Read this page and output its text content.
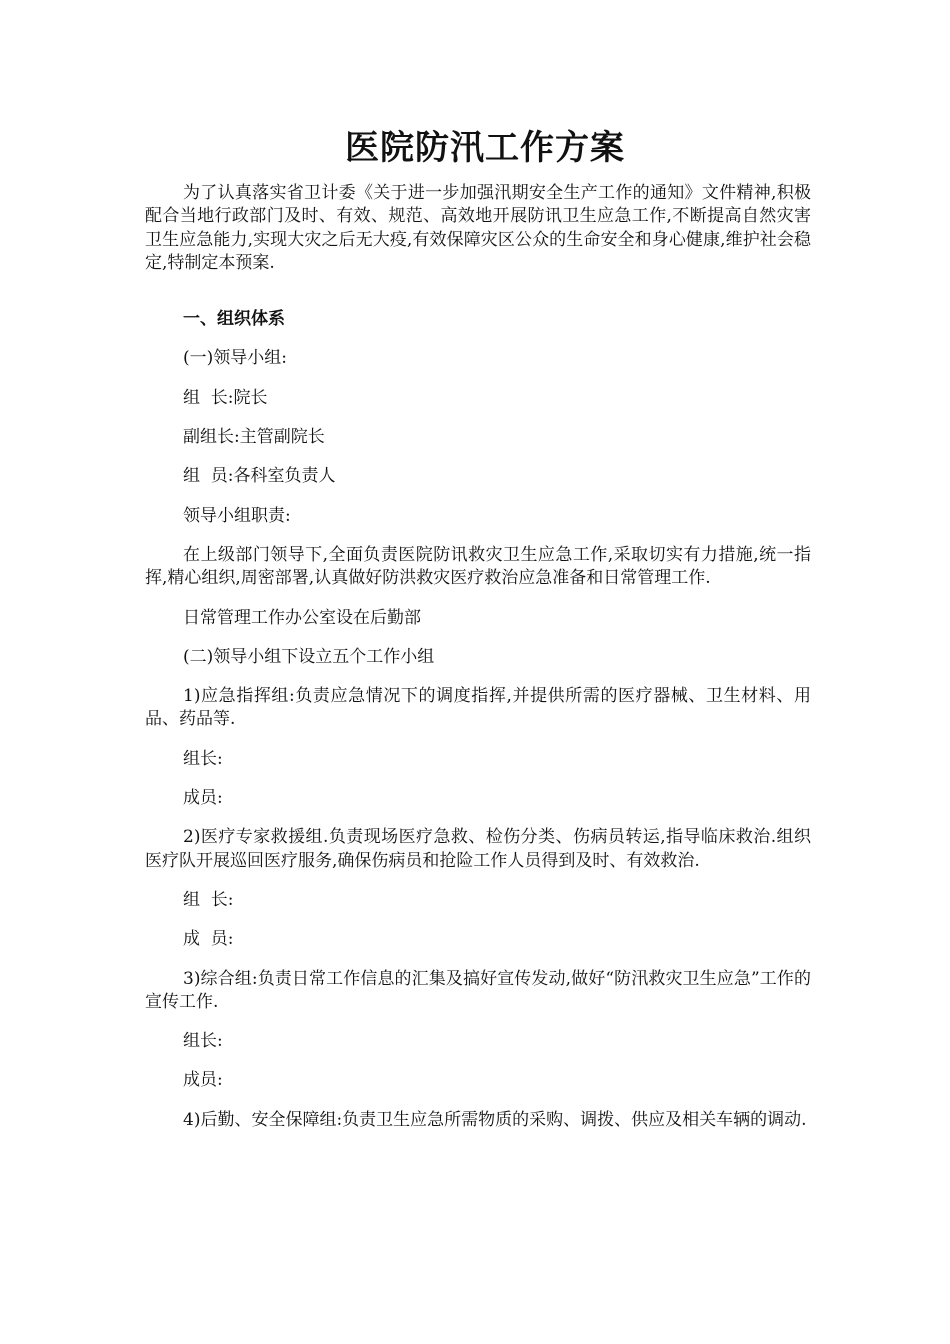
医院防汛工作方案

为了认真落实省卫计委《关于进一步加强汛期安全生产工作的通知》文件精神,积极配合当地行政部门及时、有效、规范、高效地开展防讯卫生应急工作,不断提高自然灾害卫生应急能力,实现大灾之后无大疫,有效保障灾区公众的生命安全和身心健康,维护社会稳定,特制定本预案.

一、组织体系

(一)领导小组:

组  长:院长

副组长:主管副院长

组  员:各科室负责人

领导小组职责:

在上级部门领导下,全面负责医院防讯救灾卫生应急工作,采取切实有力措施,统一指挥,精心组织,周密部署,认真做好防洪救灾医疗救治应急准备和日常管理工作.

日常管理工作办公室设在后勤部

(二)领导小组下设立五个工作小组

1)应急指挥组:负责应急情况下的调度指挥,并提供所需的医疗器械、卫生材料、用品、药品等.

组长:

成员:

2)医疗专家救援组.负责现场医疗急救、检伤分类、伤病员转运,指导临床救治.组织医疗队开展巡回医疗服务,确保伤病员和抢险工作人员得到及时、有效救治.

组  长:

成  员:

3)综合组:负责日常工作信息的汇集及搞好宣传发动,做好“防汛救灾卫生应急”工作的宣传工作.

组长:

成员:

4)后勤、安全保障组:负责卫生应急所需物质的采购、调拨、供应及相关车辆的调动.
